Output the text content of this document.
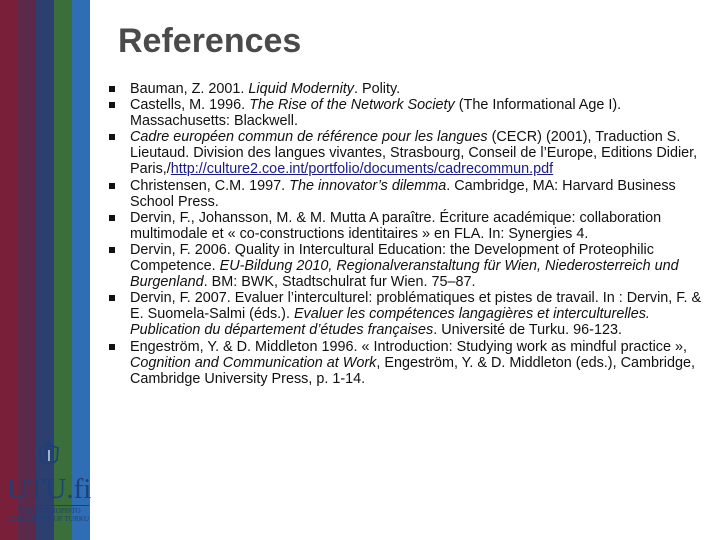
UTU.fi
TURUN YLIOPISTO
UNIVERSITY OF TURKU
References
Bauman, Z. 2001. Liquid Modernity. Polity.
Castells, M. 1996. The Rise of the Network Society (The Informational Age I). Massachusetts: Blackwell.
Cadre européen commun de référence pour les langues (CECR) (2001), Traduction S. Lieutaud. Division des langues vivantes, Strasbourg, Conseil de l’Europe, Editions Didier, Paris,/http://culture2.coe.int/portfolio/documents/cadrecommun.pdf
Christensen, C.M. 1997. The innovator’s dilemma. Cambridge, MA: Harvard Business School Press.
Dervin, F., Johansson, M. & M. Mutta A paraître. Écriture académique: collaboration multimodale et « co-constructions identitaires » en FLA. In: Synergies 4.
Dervin, F. 2006. Quality in Intercultural Education: the Development of Proteophilic Competence. EU-Bildung 2010, Regionalveranstaltung für Wien, Niederosterreich und Burgenland. BM: BWK, Stadtschulrat fur Wien. 75–87.
Dervin, F. 2007. Evaluer l’interculturel: problématiques et pistes de travail. In : Dervin, F. & E. Suomela-Salmi (éds.). Evaluer les compétences langagières et interculturelles. Publication du département d’études françaises. Université de Turku. 96-123.
Engeström, Y. & D. Middleton 1996. « Introduction: Studying work as mindful practice », Cognition and Communication at Work, Engeström, Y. & D. Middleton (eds.), Cambridge, Cambridge University Press, p. 1-14.
